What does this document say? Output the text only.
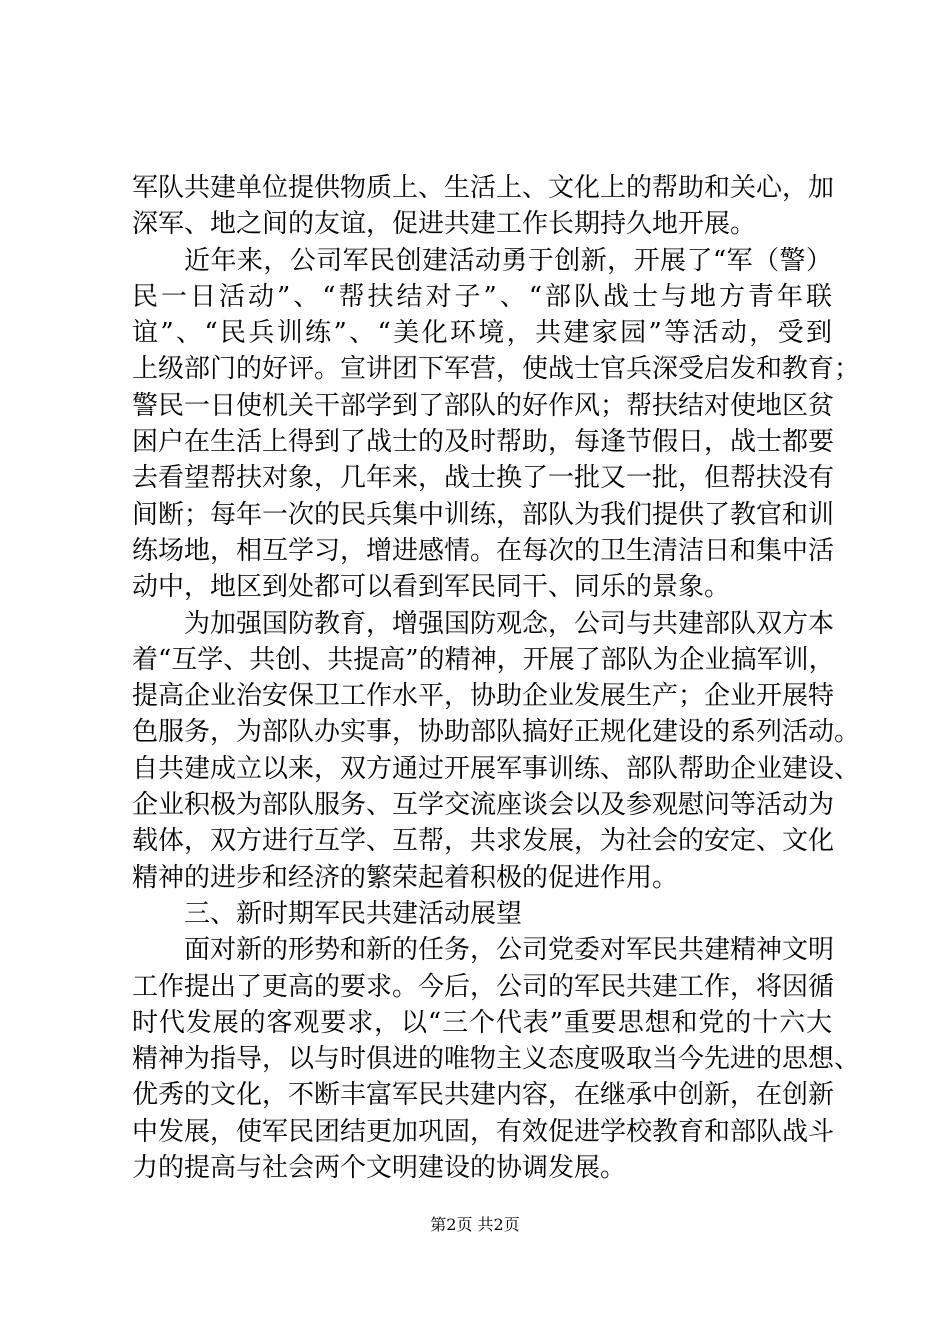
军队共建单位提供物质上、生活上、文化上的帮助和关心，加
深军、地之间的友谊，促进共建工作长期持久地开展。
近年来，公司军民创建活动勇于创新，开展了“军（警）
民一日活动”、“帮扶结对子”、“部队战士与地方青年联
谊”、“民兵训练”、“美化环境，共建家园”等活动，受到
上级部门的好评。宣讲团下军营，使战士官兵深受启发和教育；
警民一日使机关干部学到了部队的好作风；帮扶结对使地区贫
困户在生活上得到了战士的及时帮助，每逢节假日，战士都要
去看望帮扶对象，几年来，战士换了一批又一批，但帮扶没有
间断；每年一次的民兵集中训练，部队为我们提供了教官和训
练场地，相互学习，增进感情。在每次的卫生清洁日和集中活
动中，地区到处都可以看到军民同干、同乐的景象。
为加强国防教育，增强国防观念，公司与共建部队双方本
着“互学、共创、共提高”的精神，开展了部队为企业搞军训，
提高企业治安保卫工作水平，协助企业发展生产；企业开展特
色服务，为部队办实事，协助部队搞好正规化建设的系列活动。
自共建成立以来，双方通过开展军事训练、部队帮助企业建设、
企业积极为部队服务、互学交流座谈会以及参观慰问等活动为
载体，双方进行互学、互帮，共求发展，为社会的安定、文化
精神的进步和经济的繁荣起着积极的促进作用。
三、新时期军民共建活动展望
面对新的形势和新的任务，公司党委对军民共建精神文明
工作提出了更高的要求。今后，公司的军民共建工作，将因循
时代发展的客观要求，以“三个代表”重要思想和党的十六大
精神为指导，以与时俱进的唯物主义态度吸取当今先进的思想、
优秀的文化，不断丰富军民共建内容，在继承中创新，在创新
中发展，使军民团结更加巩固，有效促进学校教育和部队战斗
力的提高与社会两个文明建设的协调发展。
第2页 共2页
